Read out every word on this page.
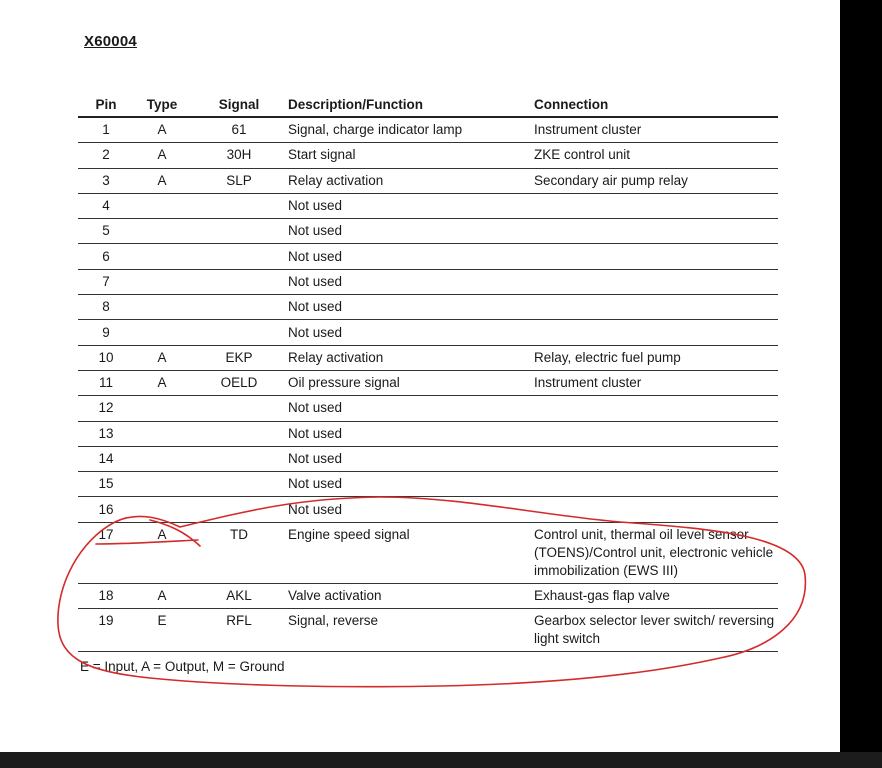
X60004
Pin	Type	Signal	Description/Function	Connection
1	A	61	Signal, charge indicator lamp	Instrument cluster
2	A	30H	Start signal	ZKE control unit
3	A	SLP	Relay activation	Secondary air pump relay
4			Not used	
5			Not used	
6			Not used	
7			Not used	
8			Not used	
9			Not used	
10	A	EKP	Relay activation	Relay, electric fuel pump
11	A	OELD	Oil pressure signal	Instrument cluster
12			Not used	
13			Not used	
14			Not used	
15			Not used	
16			Not used	
17	A	TD	Engine speed signal	Control unit, thermal oil level sensor (TOENS)/Control unit, electronic vehicle immobilization (EWS III)
18	A	AKL	Valve activation	Exhaust-gas flap valve
19	E	RFL	Signal, reverse	Gearbox selector lever switch/ reversing light switch
E = Input, A = Output, M = Ground
